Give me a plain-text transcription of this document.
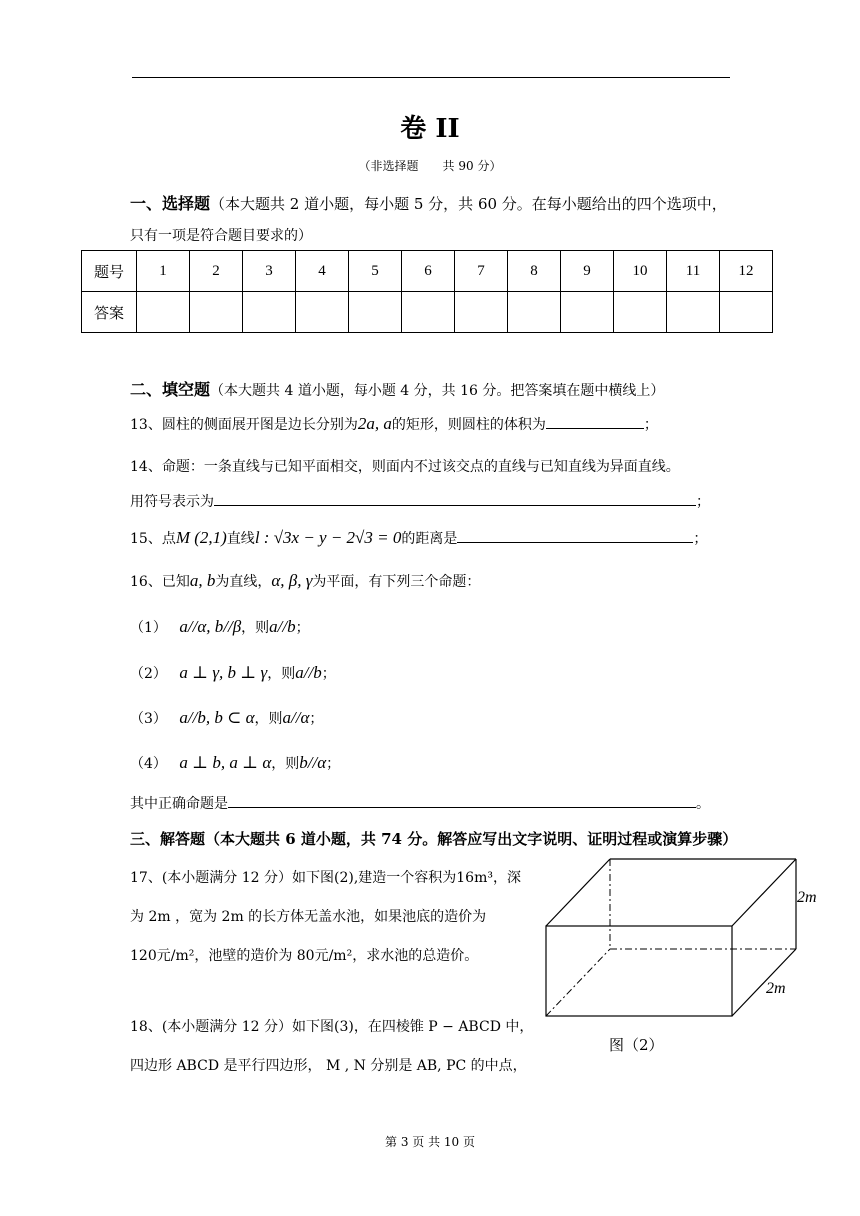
卷 II
（非选择题　　共 90 分）
一、选择题（本大题共 2 道小题，每小题 5 分，共 60 分。在每小题给出的四个选项中，
只有一项是符合题目要求的）
题号	1	2	3	4	5	6	7	8	9	10	11	12
答案												
二、填空题（本大题共 4 道小题，每小题 4 分，共 16 分。把答案填在题中横线上）
13、圆柱的侧面展开图是边长分别为2a, a的矩形，则圆柱的体积为	；
14、命题：一条直线与已知平面相交，则面内不过该交点的直线与已知直线为异面直线。
用符号表示为	；
15、点M (2,1)直线l : √3x − y − 2√3 = 0的距离是	；
16、已知a, b为直线，α, β, γ为平面，有下列三个命题：
（1） a//α, b//β，则a//b；
（2） a ⊥ γ, b ⊥ γ，则a//b；
（3） a//b, b ⊂ α，则a//α；
（4） a ⊥ b, a ⊥ α，则b//α；
其中正确命题是	。
三、解答题（本大题共 6 道小题，共 74 分。解答应写出文字说明、证明过程或演算步骤）
17、(本小题满分 12 分）如下图(2),建造一个容积为16m³，深
为 2m ，宽为 2m 的长方体无盖水池，如果池底的造价为
120元/m²，池壁的造价为 80元/m²，求水池的总造价。
18、(本小题满分 12 分）如下图(3)，在四棱锥 P − ABCD 中，
四边形 ABCD 是平行四边形， M , N 分别是 AB, PC 的中点，
2m
2m
图（2）
第 3 页 共 10 页
